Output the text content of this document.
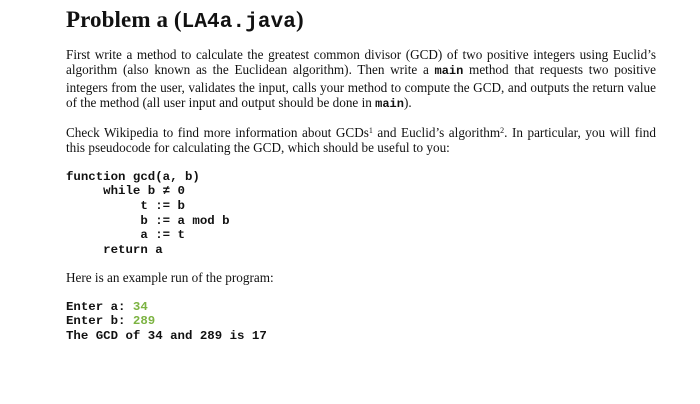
Problem a (LA4a.java)

First write a method to calculate the greatest common divisor (GCD) of two positive integers using Euclid’s algorithm (also known as the Euclidean algorithm). Then write a main method that requests two positive integers from the user, validates the input, calls your method to compute the GCD, and outputs the return value of the method (all user input and output should be done in main).

Check Wikipedia to find more information about GCDs$^1$ and Euclid’s algorithm$^2$. In particular, you will find this pseudocode for calculating the GCD, which should be useful to you:

function gcd(a, b)
while b ≠ 0
t := b
b := a mod b
a := t
return a

Here is an example run of the program:

Enter a: 34
Enter b: 289
The GCD of 34 and 289 is 17
